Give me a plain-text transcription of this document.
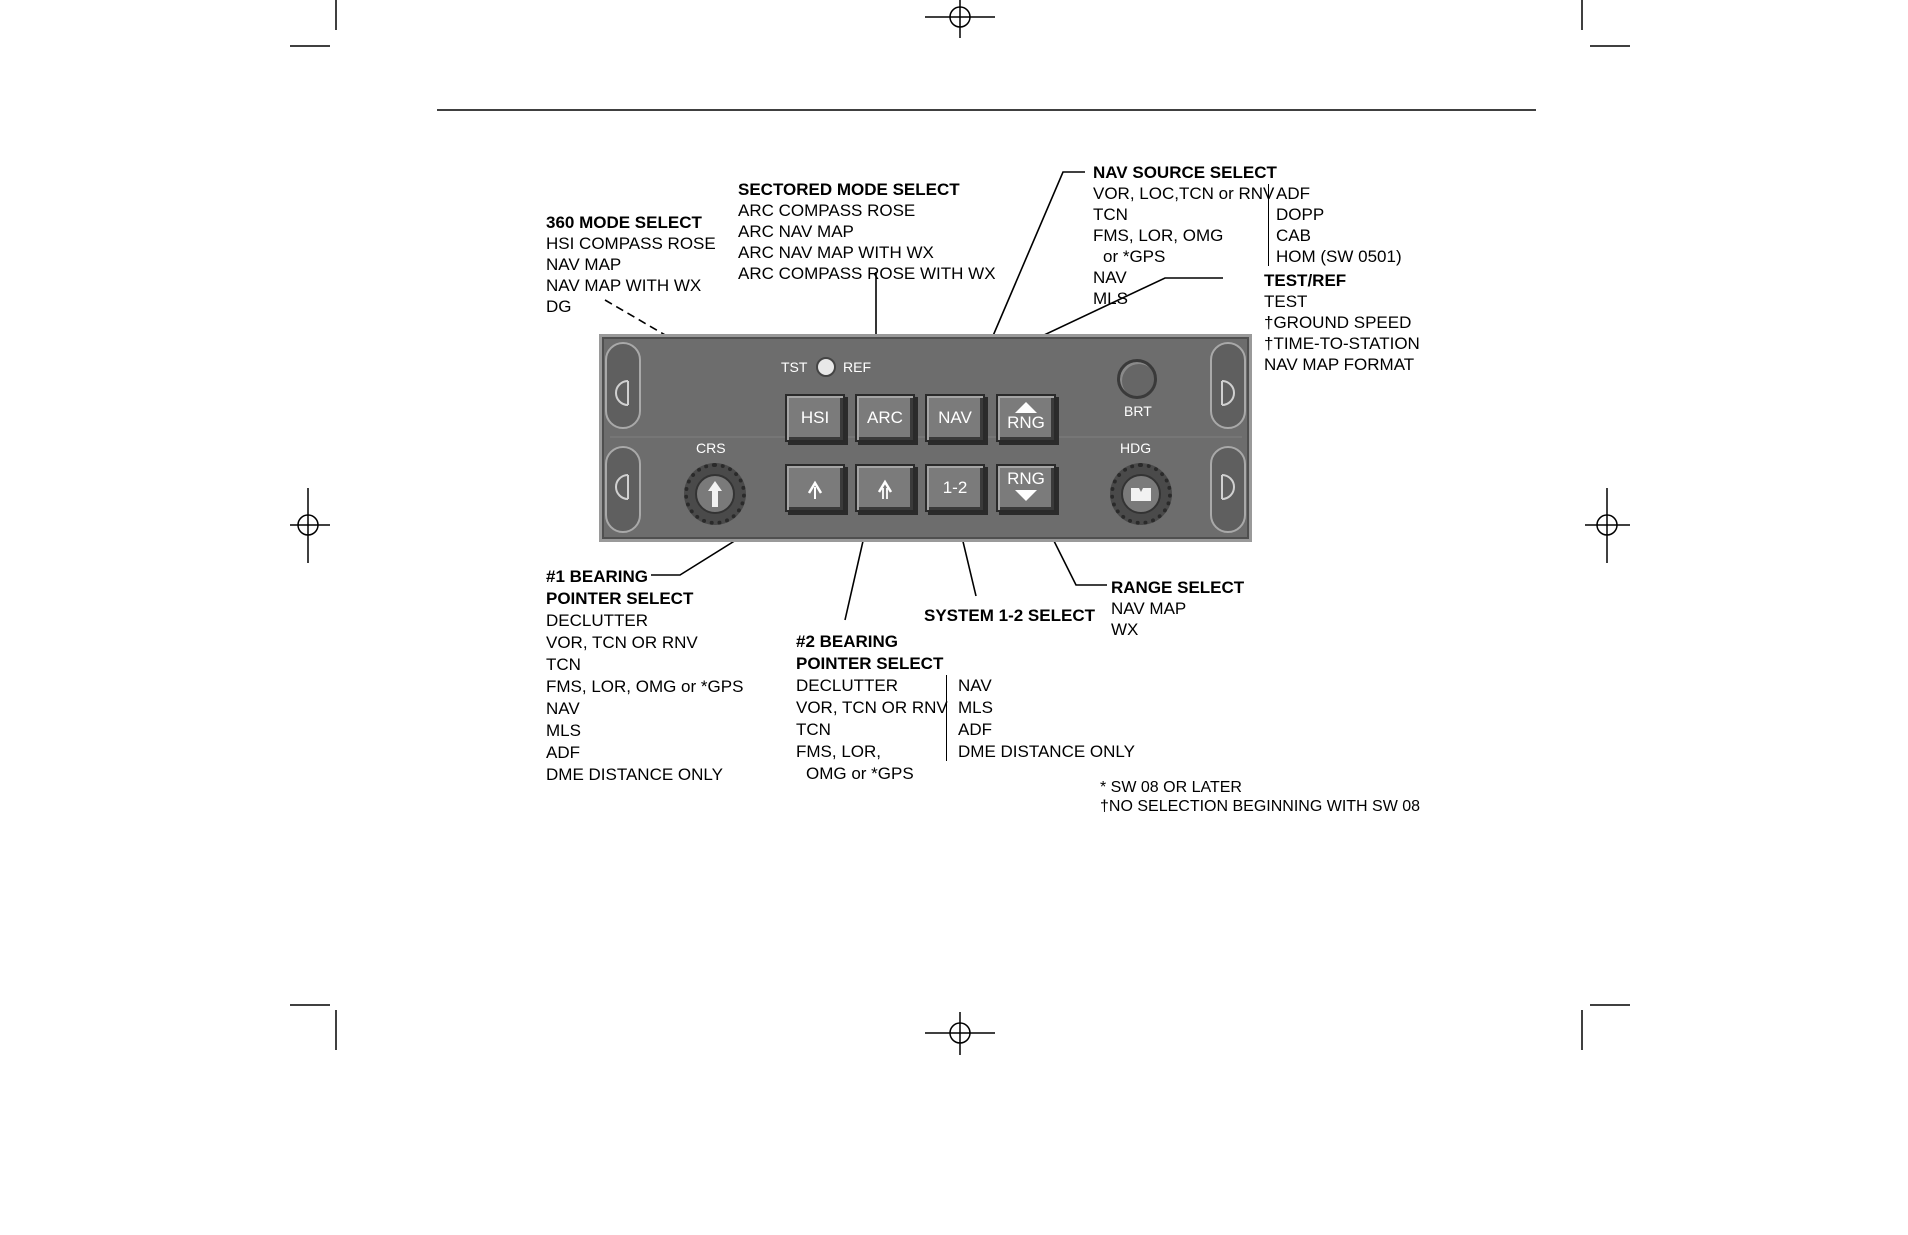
TST	REF
BRT
CRS	HDG
HSI	ARC	NAV	RNG
1-2	RNG
360 MODE SELECT
HSI COMPASS ROSE
NAV MAP
NAV MAP WITH WX
DG
SECTORED MODE SELECT
ARC COMPASS ROSE
ARC NAV MAP
ARC NAV MAP WITH WX
ARC COMPASS ROSE WITH WX
NAV SOURCE SELECT
VOR, LOC,TCN or RNV
TCN
FMS, LOR, OMG
or *GPS
NAV
MLS
ADF
DOPP
CAB
HOM (SW 0501)
TEST/REF
TEST
†GROUND SPEED
†TIME-TO-STATION
NAV MAP FORMAT
#1 BEARING
POINTER SELECT
DECLUTTER
VOR, TCN OR RNV
TCN
FMS, LOR, OMG or *GPS
NAV
MLS
ADF
DME DISTANCE ONLY
#2 BEARING
POINTER SELECT
DECLUTTER
VOR, TCN OR RNV
TCN
FMS, LOR,
OMG or *GPS
NAV
MLS
ADF
DME DISTANCE ONLY
SYSTEM 1-2 SELECT
RANGE SELECT
NAV MAP
WX
* SW 08 OR LATER
†NO SELECTION BEGINNING WITH SW 08
